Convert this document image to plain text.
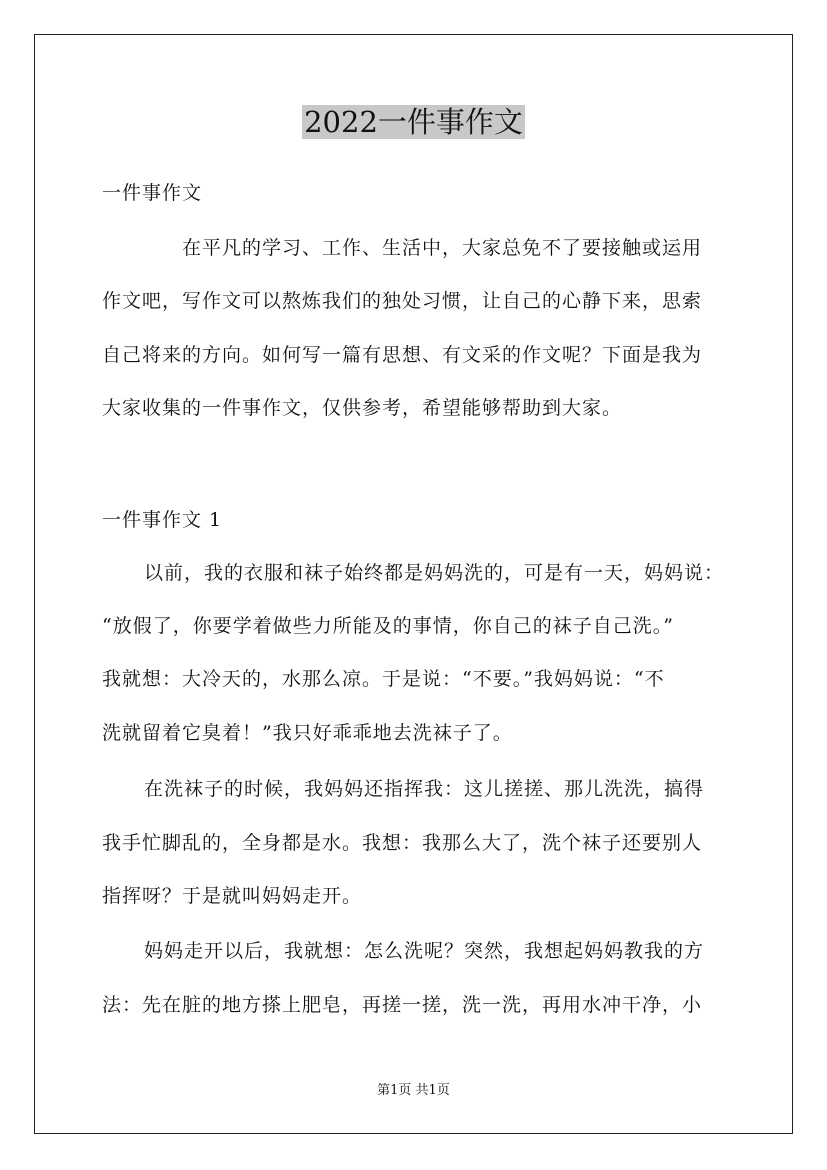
2022一件事作文
一件事作文
在平凡的学习、工作、生活中，大家总免不了要接触或运用
作文吧，写作文可以熬炼我们的独处习惯，让自己的心静下来，思索
自己将来的方向。如何写一篇有思想、有文采的作文呢？下面是我为
大家收集的一件事作文，仅供参考，希望能够帮助到大家。
一件事作文 1
以前，我的衣服和袜子始终都是妈妈洗的，可是有一天，妈妈说：
“放假了，你要学着做些力所能及的事情，你自己的袜子自己洗。”
我就想：大冷天的，水那么凉。于是说：“不要。”我妈妈说：“不
洗就留着它臭着！”我只好乖乖地去洗袜子了。
在洗袜子的时候，我妈妈还指挥我：这儿搓搓、那儿洗洗，搞得
我手忙脚乱的，全身都是水。我想：我那么大了，洗个袜子还要别人
指挥呀？于是就叫妈妈走开。
妈妈走开以后，我就想：怎么洗呢？突然，我想起妈妈教我的方
法：先在脏的地方搽上肥皂，再搓一搓，洗一洗，再用水冲干净，小
第1页 共1页
